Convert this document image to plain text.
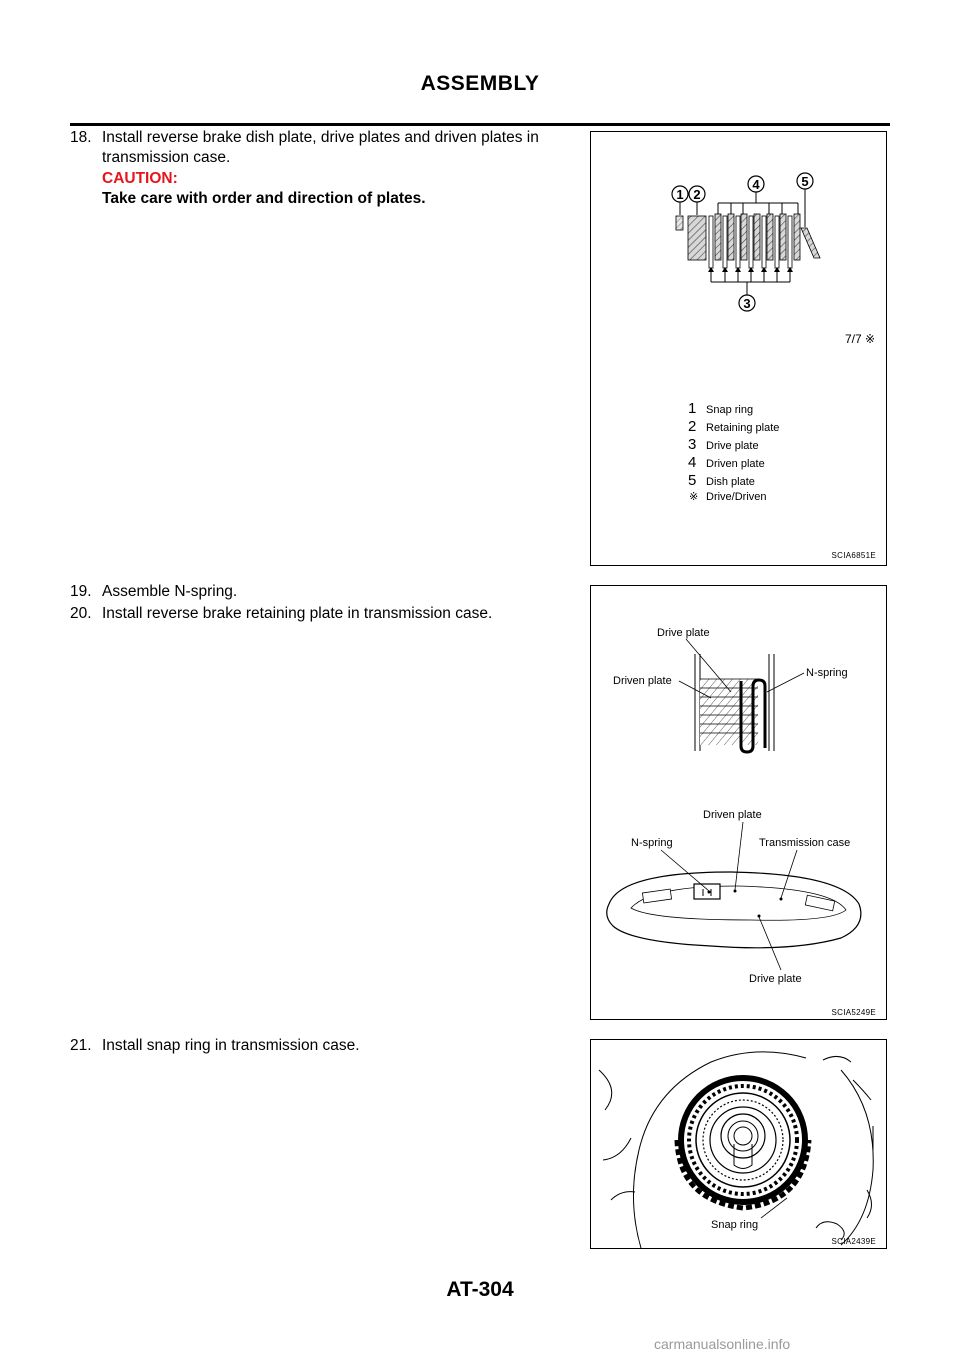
ASSEMBLY
18. Install reverse brake dish plate, drive plates and driven plates in
transmission case.
CAUTION:
Take care with order and direction of plates.	1 2
4	5
3
7/7 ※
1 Snap ring
2 Retaining plate
3 Drive plate
4 Driven plate
5 Dish plate
※ Drive/Driven
SCIA6851E
19. Assemble N-spring.
20. Install reverse brake retaining plate in transmission case.
Drive plate
Driven plate
N-spring
Driven plate
N-spring	Transmission case
Drive plate
SCIA5249E
21. Install snap ring in transmission case.
Snap ring
SCIA2439E
AT-304
carmanualsonline.info
